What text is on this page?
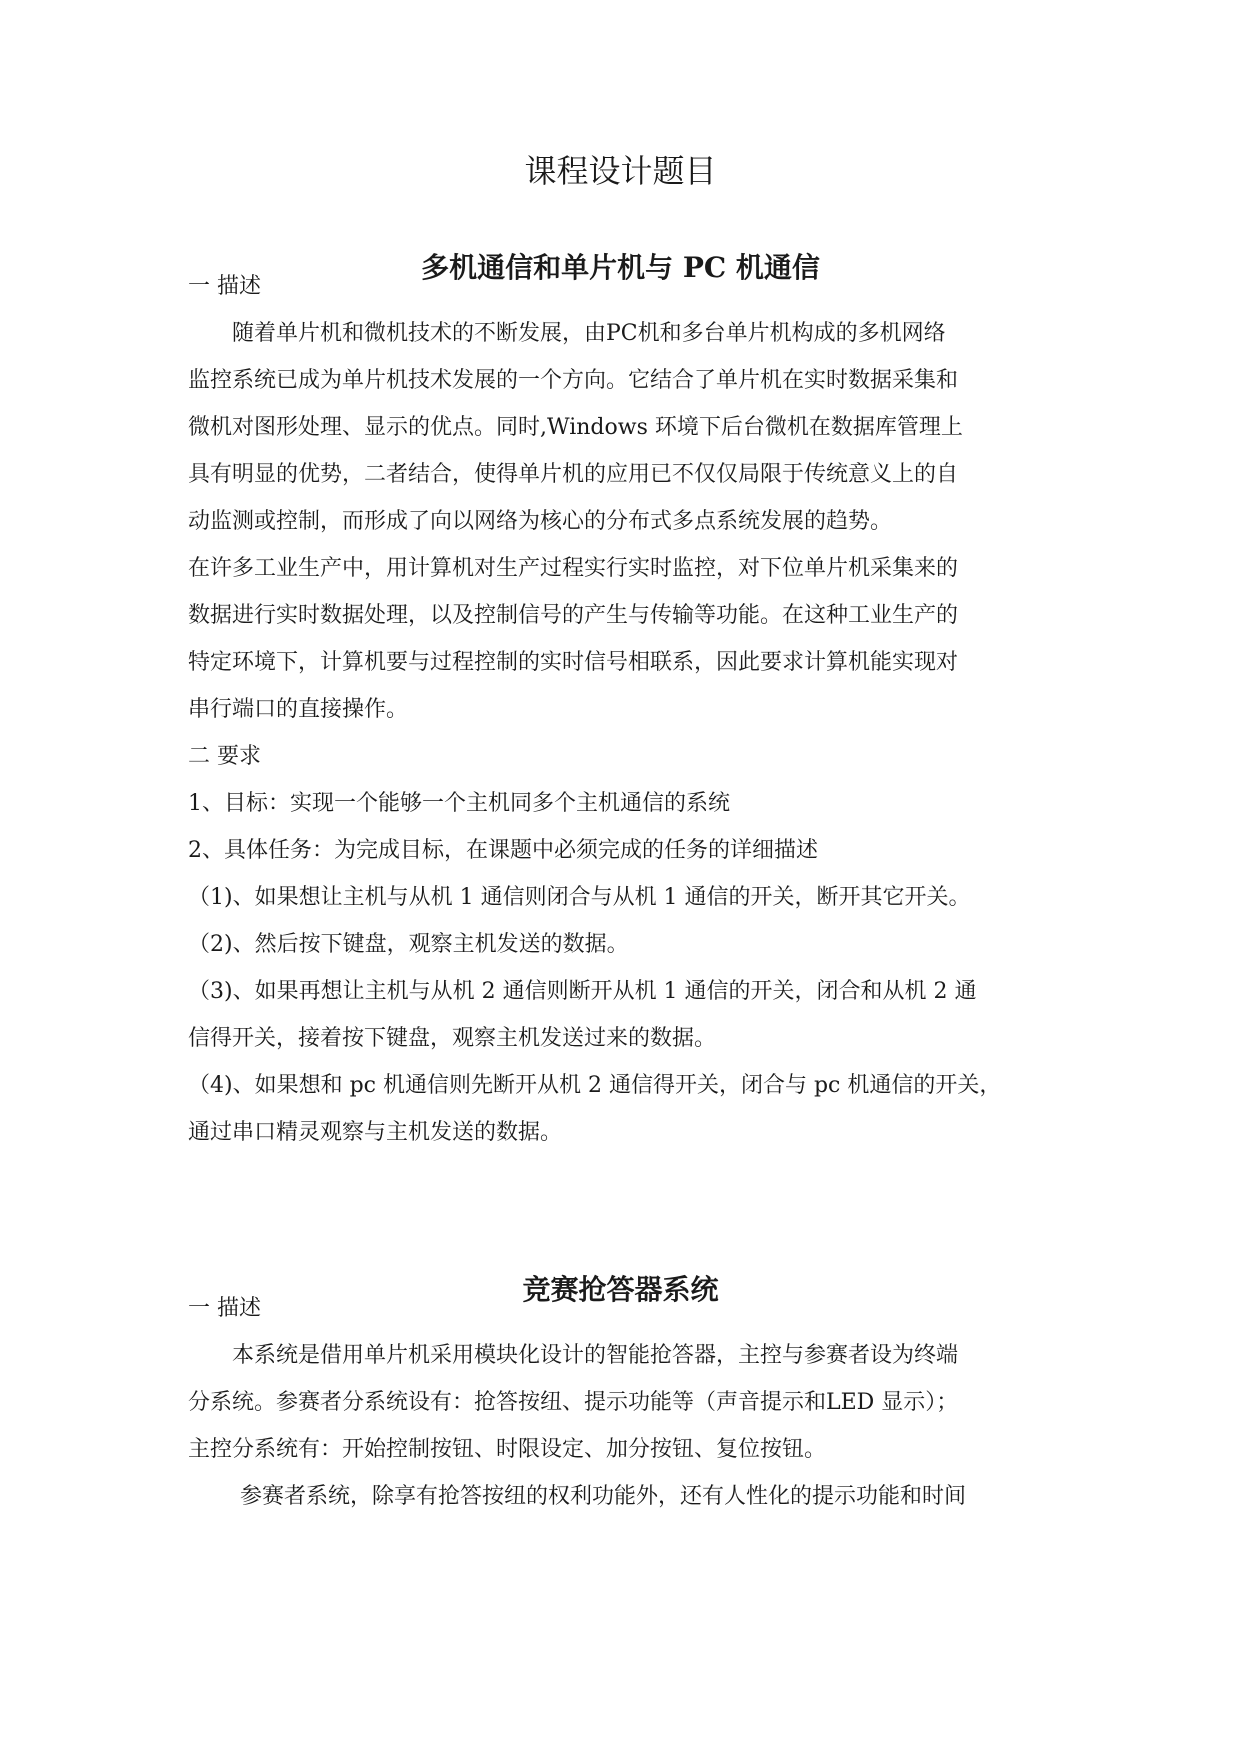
课程设计题目
多机通信和单片机与 PC 机通信

一 描述

随着单片机和微机技术的不断发展，由PC机和多台单片机构成的多机网络

监控系统已成为单片机技术发展的一个方向。它结合了单片机在实时数据采集和

微机对图形处理、显示的优点。同时,Windows 环境下后台微机在数据库管理上

具有明显的优势，二者结合，使得单片机的应用已不仅仅局限于传统意义上的自

动监测或控制，而形成了向以网络为核心的分布式多点系统发展的趋势。

在许多工业生产中，用计算机对生产过程实行实时监控，对下位单片机采集来的

数据进行实时数据处理，以及控制信号的产生与传输等功能。在这种工业生产的

特定环境下，计算机要与过程控制的实时信号相联系，因此要求计算机能实现对

串行端口的直接操作。

二 要求

1、目标：实现一个能够一个主机同多个主机通信的系统

2、具体任务：为完成目标，在课题中必须完成的任务的详细描述

（1)、如果想让主机与从机 1 通信则闭合与从机 1 通信的开关，断开其它开关。

（2)、然后按下键盘，观察主机发送的数据。

（3)、如果再想让主机与从机 2 通信则断开从机 1 通信的开关，闭合和从机 2 通

信得开关，接着按下键盘，观察主机发送过来的数据。

（4)、如果想和 pc 机通信则先断开从机 2 通信得开关，闭合与 pc 机通信的开关，

通过串口精灵观察与主机发送的数据。

竞赛抢答器系统

一 描述

本系统是借用单片机采用模块化设计的智能抢答器，主控与参赛者设为终端

分系统。参赛者分系统设有：抢答按纽、提示功能等（声音提示和LED 显示）；

主控分系统有：开始控制按钮、时限设定、加分按钮、复位按钮。

参赛者系统，除享有抢答按纽的权利功能外，还有人性化的提示功能和时间
